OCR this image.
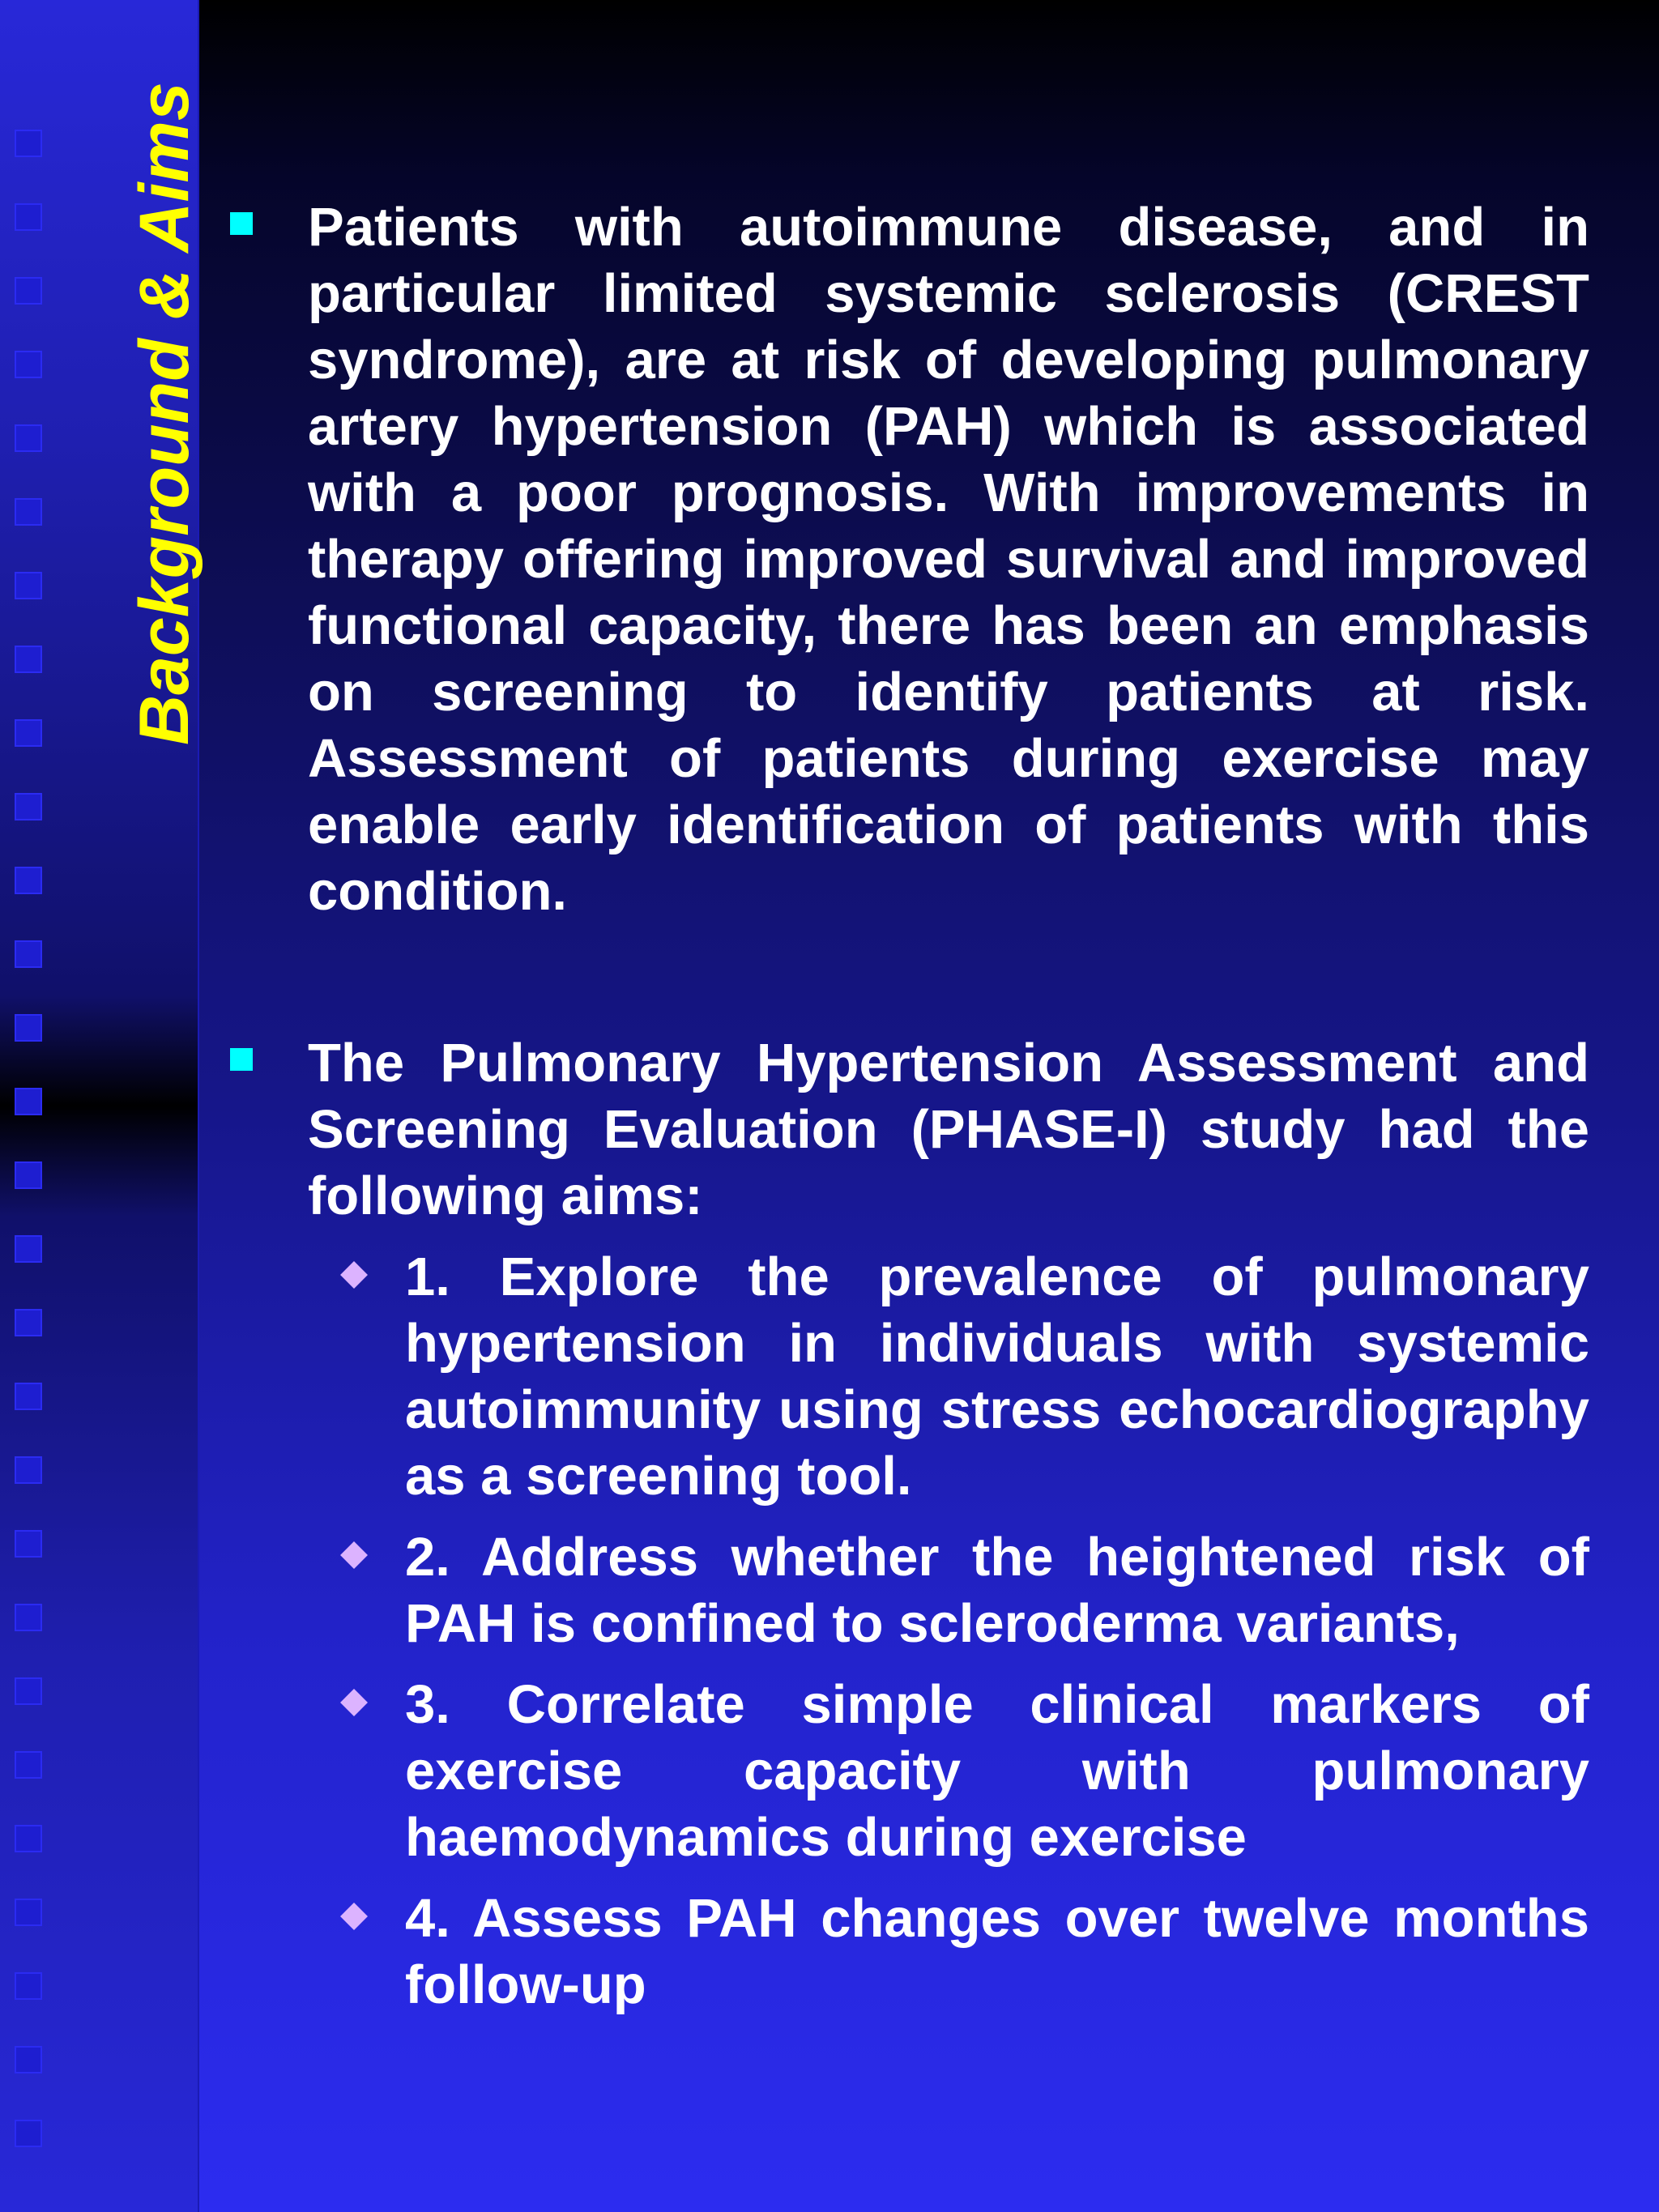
Background & Aims	Patients with autoimmune disease, and in particular limited systemic sclerosis (CREST syndrome), are at risk of developing pulmonary artery hypertension (PAH) which is associated with a poor prognosis. With improvements in therapy offering improved survival and improved functional capacity, there has been an emphasis on screening to identify patients at risk. Assessment of patients during exercise may enable early identification of patients with this condition.
The Pulmonary Hypertension Assessment and Screening Evaluation (PHASE-I) study had the following aims:
1. Explore the prevalence of pulmonary hypertension in individuals with systemic autoimmunity using stress echocardiography as a screening tool.
2. Address whether the heightened risk of PAH is confined to scleroderma variants,
3. Correlate simple clinical markers of exercise capacity with pulmonary haemodynamics during exercise
4. Assess PAH changes over twelve months follow-up
